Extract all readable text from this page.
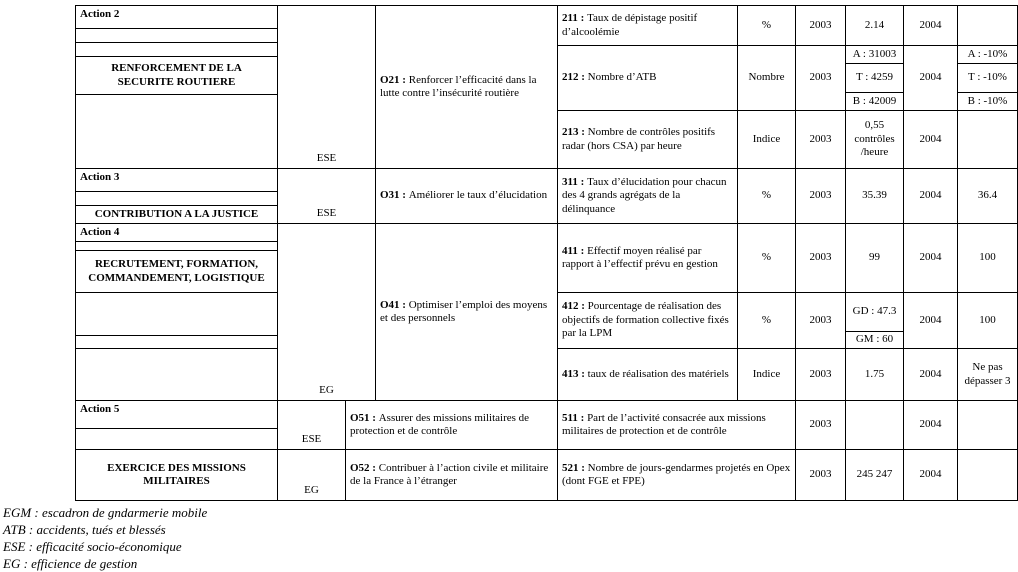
Action 2
RENFORCEMENT DE LA
SECURITE ROUTIERE
Action 3
CONTRIBUTION A LA JUSTICE
Action 4
RECRUTEMENT, FORMATION,
COMMANDEMENT, LOGISTIQUE
Action 5
EXERCICE DES MISSIONS
MILITAIRES
ESE
ESE
EG
ESE
EG
O21 : Renforcer l’efficacité dans la lutte contre l’insécurité routière
O31 : Améliorer le taux d’élucidation
O41 : Optimiser l’emploi des moyens et des personnels
O51 : Assurer des missions militaires de protection et de contrôle
O52 : Contribuer à l’action civile et militaire de la France à l’étranger
211 : Taux de dépistage positif d’alcoolémie
212 : Nombre d’ATB
213 : Nombre de contrôles positifs radar (hors CSA) par heure
311 : Taux d’élucidation pour chacun des 4 grands agrégats de la délinquance
411 : Effectif moyen réalisé par rapport à l’effectif prévu en gestion
412 : Pourcentage de réalisation des objectifs de formation collective fixés par la LPM
413 : taux de réalisation des matériels
511 : Part de l’activité consacrée aux missions militaires de protection et de contrôle
521 : Nombre de jours-gendarmes projetés en Opex
(dont FGE et FPE)
%
Nombre
Indice
%
%
%
Indice
2003
2003
2003
2003
2003
2003
2003
2003
2003
2.14
A : 31003
T : 4259
B : 42009
0,55 contrôles /heure
35.39
99
GD : 47.3
GM : 60
1.75
245 247
2004
2004
2004
2004
2004
2004
2004
2004
2004
A : -10%
T : -10%
B : -10%
36.4
100
100
Ne pas dépasser 3
EGM : escadron de gndarmerie mobile
ATB : accidents, tués et blessés
ESE : efficacité socio-économique
EG : efficience de gestion
